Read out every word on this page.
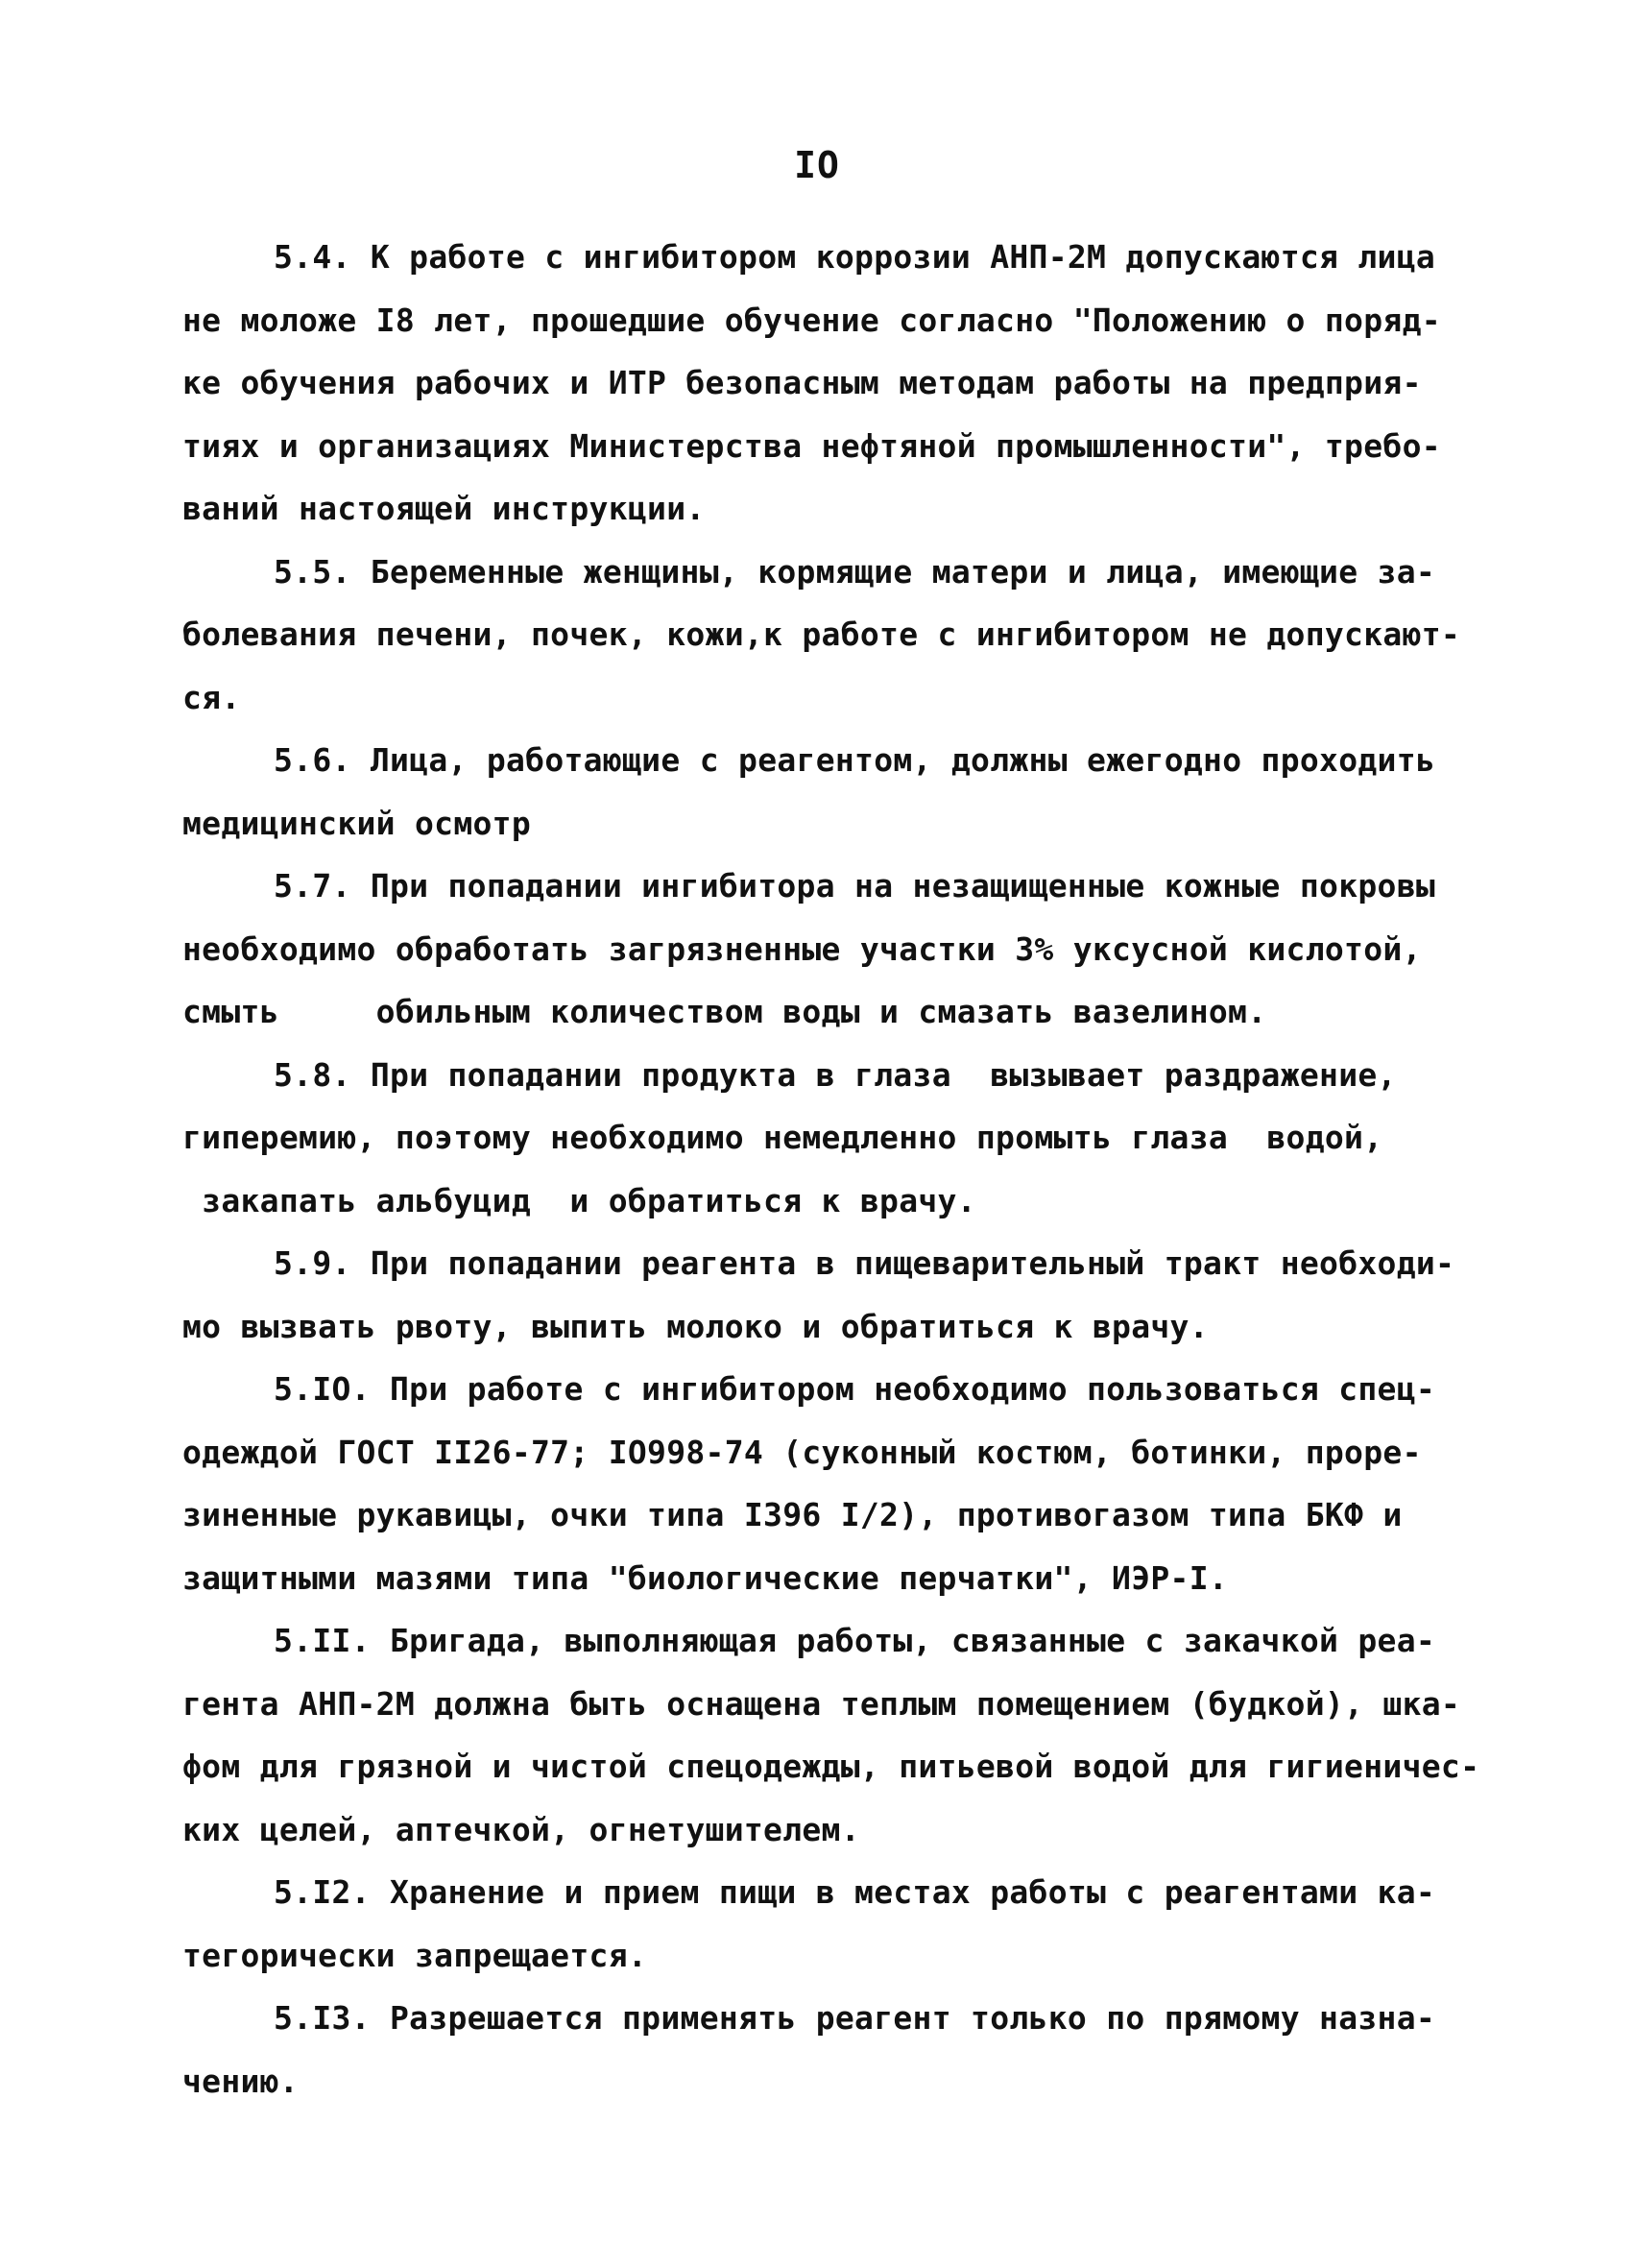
IO
5.4. К работе с ингибитором коррозии АНП-2М допускаются лица
не моложе I8 лет, прошедшие обучение согласно "Положению о поряд-
ке обучения рабочих и ИТР безопасным методам работы на предприя-
тиях и организациях Министерства нефтяной промышленности", требо-
ваний настоящей инструкции.
5.5. Беременные женщины, кормящие матери и лица, имеющие за-
болевания печени, почек, кожи,к работе с ингибитором не допускают-
ся.
5.6. Лица, работающие с реагентом, должны ежегодно проходить
медицинский осмотр
5.7. При попадании ингибитора на незащищенные кожные покровы
необходимо обработать загрязненные участки 3% уксусной кислотой,
смыть     обильным количеством воды и смазать вазелином.
5.8. При попадании продукта в глаза  вызывает раздражение,
гиперемию, поэтому необходимо немедленно промыть глаза  водой,
закапать альбуцид  и обратиться к врачу.
5.9. При попадании реагента в пищеварительный тракт необходи-
мо вызвать рвоту, выпить молоко и обратиться к врачу.
5.IO. При работе с ингибитором необходимо пользоваться спец-
одеждой ГОСТ II26-77; IO998-74 (суконный костюм, ботинки, прорe-
зиненные рукавицы, очки типа I396 I/2), противогазом типа БКФ и
защитными мазями типа "биологические перчатки", ИЭР-I.
5.II. Бригада, выполняющая работы, связанные с закачкой реа-
гента АНП-2М должна быть оснащена теплым помещением (будкой), шка-
фом для грязной и чистой спецодежды, питьевой водой для гигиеничес-
ких целей, аптечкой, огнетушителем.
5.I2. Хранение и прием пищи в местах работы с реагентами ка-
тегорически запрещается.
5.I3. Разрешается применять реагент только по прямому назна-
чению.
